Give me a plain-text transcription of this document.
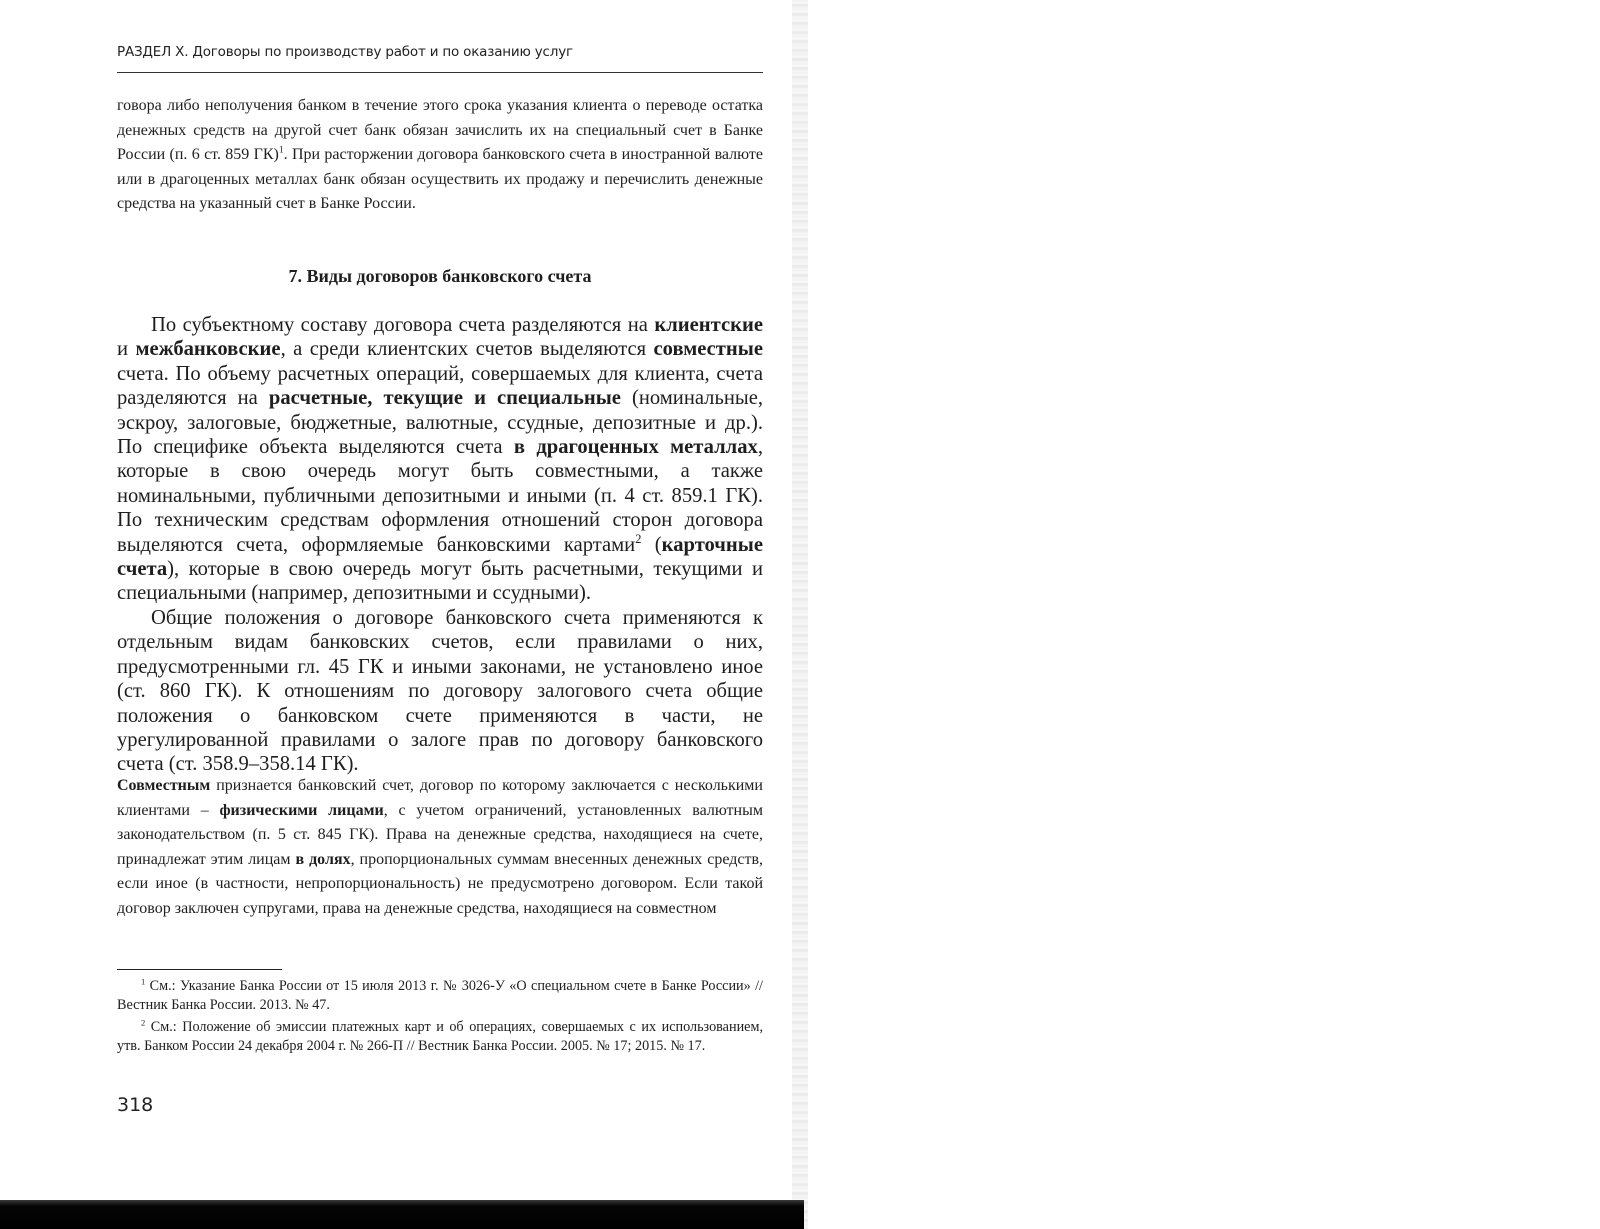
РАЗДЕЛ X. Договоры по производству работ и по оказанию услуг

говора либо неполучения банком в течение этого срока указания клиента о переводе остатка денежных средств на другой счет банк обязан зачислить их на специальный счет в Банке России (п. 6 ст. 859 ГК)$^1$. При расторжении договора банковского счета в иностранной валюте или в драгоценных металлах банк обязан осуществить их продажу и перечислить денежные средства на указанный счет в Банке России.

7. Виды договоров банковского счета

По субъектному составу договора счета разделяются на клиентские и межбанковские, а среди клиентских счетов выделяются совместные счета. По объему расчетных операций, совершаемых для клиента, счета разделяются на расчетные, текущие и специальные (номинальные, эскроу, залоговые, бюджетные, валютные, ссудные, депозитные и др.). По специфике объекта выделяются счета в драгоценных металлах, которые в свою очередь могут быть совместными, а также номинальными, публичными депозитными и иными (п. 4 ст. 859.1 ГК). По техническим средствам оформления отношений сторон договора выделяются счета, оформляемые банковскими картами$^2$ (карточные счета), которые в свою очередь могут быть расчетными, текущими и специальными (например, депозитными и ссудными).

Общие положения о договоре банковского счета применяются к отдельным видам банковских счетов, если правилами о них, предусмотренными гл. 45 ГК и иными законами, не установлено иное (ст. 860 ГК). К отношениям по договору залогового счета общие положения о банковском счете применяются в части, не урегулированной правилами о залоге прав по договору банковского счета (ст. 358.9–358.14 ГК).

Совместным признается банковский счет, договор по которому заключается с несколькими клиентами – физическими лицами, с учетом ограничений, установленных валютным законодательством (п. 5 ст. 845 ГК). Права на денежные средства, находящиеся на счете, принадлежат этим лицам в долях, пропорциональных суммам внесенных денежных средств, если иное (в частности, непропорциональность) не предусмотрено договором. Если такой договор заключен супругами, права на денежные средства, находящиеся на совместном

$^1$ См.: Указание Банка России от 15 июля 2013 г. № 3026-У «О специальном счете в Банке России» // Вестник Банка России. 2013. № 47.

$^2$ См.: Положение об эмиссии платежных карт и об операциях, совершаемых с их использованием, утв. Банком России 24 декабря 2004 г. № 266-П // Вестник Банка России. 2005. № 17; 2015. № 17.

318
